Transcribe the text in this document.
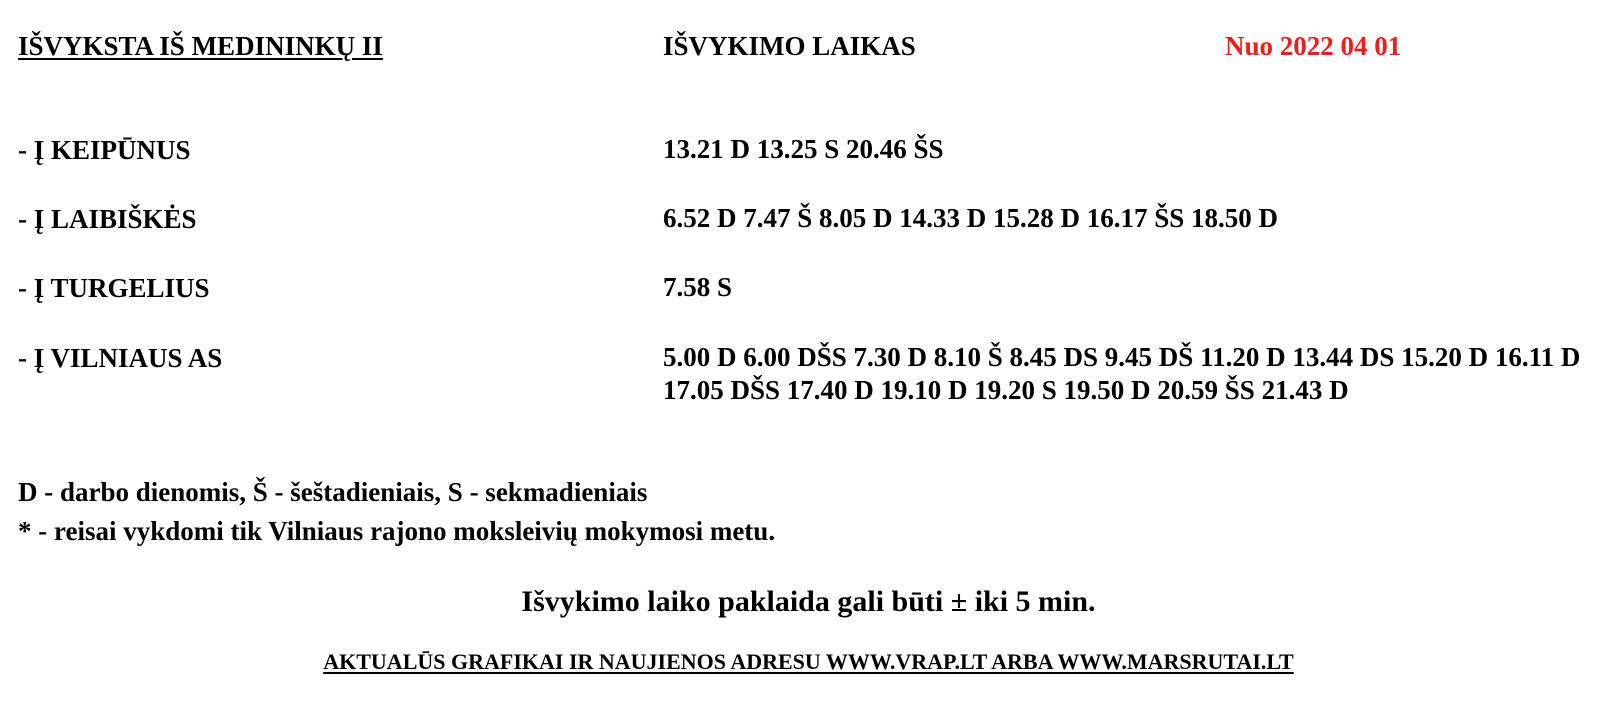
IŠVYKSTA IŠ MEDININKŲ II	IŠVYKIMO LAIKAS	Nuo 2022 04 01
- Į KEIPŪNUS	13.21 D 13.25 S 20.46 ŠS
- Į LAIBIŠKĖS	6.52 D 7.47 Š 8.05 D 14.33 D 15.28 D 16.17 ŠS 18.50 D
- Į TURGELIUS	7.58 S
- Į VILNIAUS AS	5.00 D 6.00 DŠS 7.30 D 8.10 Š 8.45 DS 9.45 DŠ 11.20 D 13.44 DS 15.20 D 16.11 D 17.05 DŠS 17.40 D 19.10 D 19.20 S 19.50 D 20.59 ŠS 21.43 D
D - darbo dienomis, Š - šeštadieniais, S - sekmadieniais
* - reisai vykdomi tik Vilniaus rajono moksleivių mokymosi metu.
Išvykimo laiko paklaida gali būti ± iki 5 min.
AKTUALŪS GRAFIKAI IR NAUJIENOS ADRESU WWW.VRAP.LT ARBA WWW.MARSRUTAI.LT
